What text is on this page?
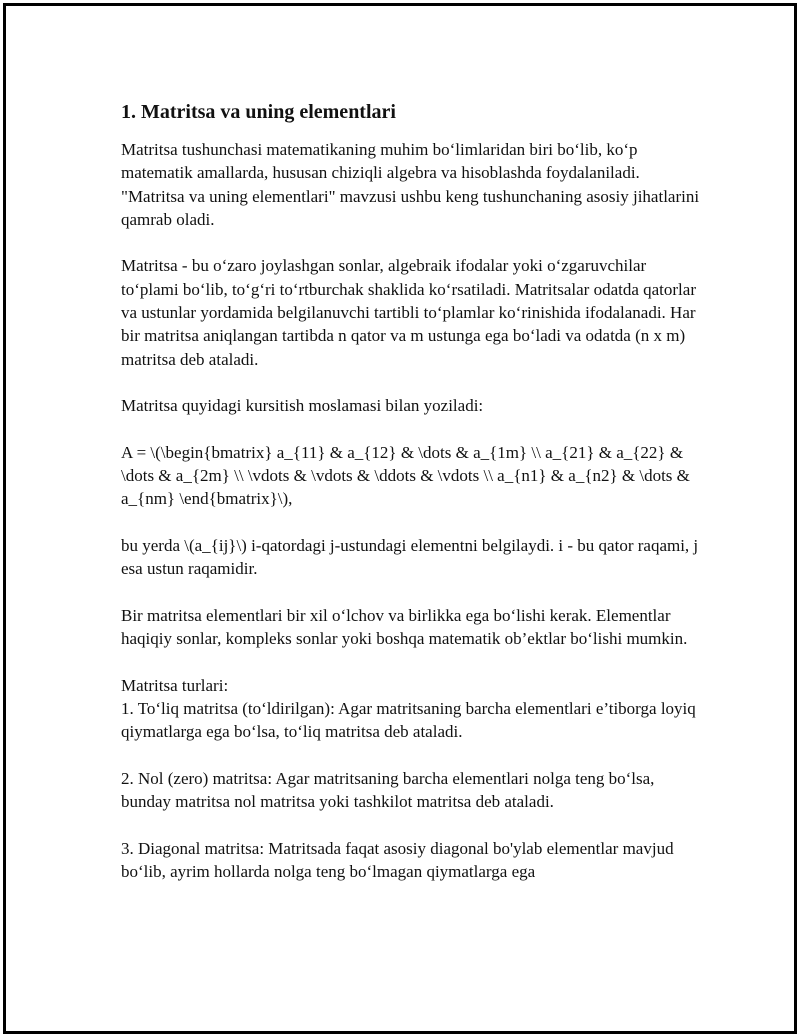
1. Matritsa va uning elementlari

Matritsa tushunchasi matematikaning muhim bo‘limlaridan biri bo‘lib, ko‘p matematik amallarda, hususan chiziqli algebra va hisoblashda foydalaniladi. "Matritsa va uning elementlari" mavzusi ushbu keng tushunchaning asosiy jihatlarini qamrab oladi.

Matritsa - bu o‘zaro joylashgan sonlar, algebraik ifodalar yoki o‘zgaruvchilar to‘plami bo‘lib, to‘g‘ri to‘rtburchak shaklida ko‘rsatiladi. Matritsalar odatda qatorlar va ustunlar yordamida belgilanuvchi tartibli to‘plamlar ko‘rinishida ifodalanadi. Har bir matritsa aniqlangan tartibda n qator va m ustunga ega bo‘ladi va odatda (n x m) matritsa deb ataladi.

Matritsa quyidagi kursitish moslamasi bilan yoziladi:

A = \(\begin{bmatrix} a_{11} & a_{12} & \dots & a_{1m} \\ a_{21} & a_{22} & \dots & a_{2m} \\ \vdots & \vdots & \ddots & \vdots \\ a_{n1} & a_{n2} & \dots & a_{nm} \end{bmatrix}\),

bu yerda \(a_{ij}\) i-qatordagi j-ustundagi elementni belgilaydi. i - bu qator raqami, j esa ustun raqamidir.

Bir matritsa elementlari bir xil o‘lchov va birlikka ega bo‘lishi kerak. Elementlar haqiqiy sonlar, kompleks sonlar yoki boshqa matematik ob’ektlar bo‘lishi mumkin.

Matritsa turlari:

1. To‘liq matritsa (to‘ldirilgan): Agar matritsaning barcha elementlari e’tiborga loyiq qiymatlarga ega bo‘lsa, to‘liq matritsa deb ataladi.

2. Nol (zero) matritsa: Agar matritsaning barcha elementlari nolga teng bo‘lsa, bunday matritsa nol matritsa yoki tashkilot matritsa deb ataladi.

3. Diagonal matritsa: Matritsada faqat asosiy diagonal bo'ylab elementlar mavjud bo‘lib, ayrim hollarda nolga teng bo‘lmagan qiymatlarga ega
